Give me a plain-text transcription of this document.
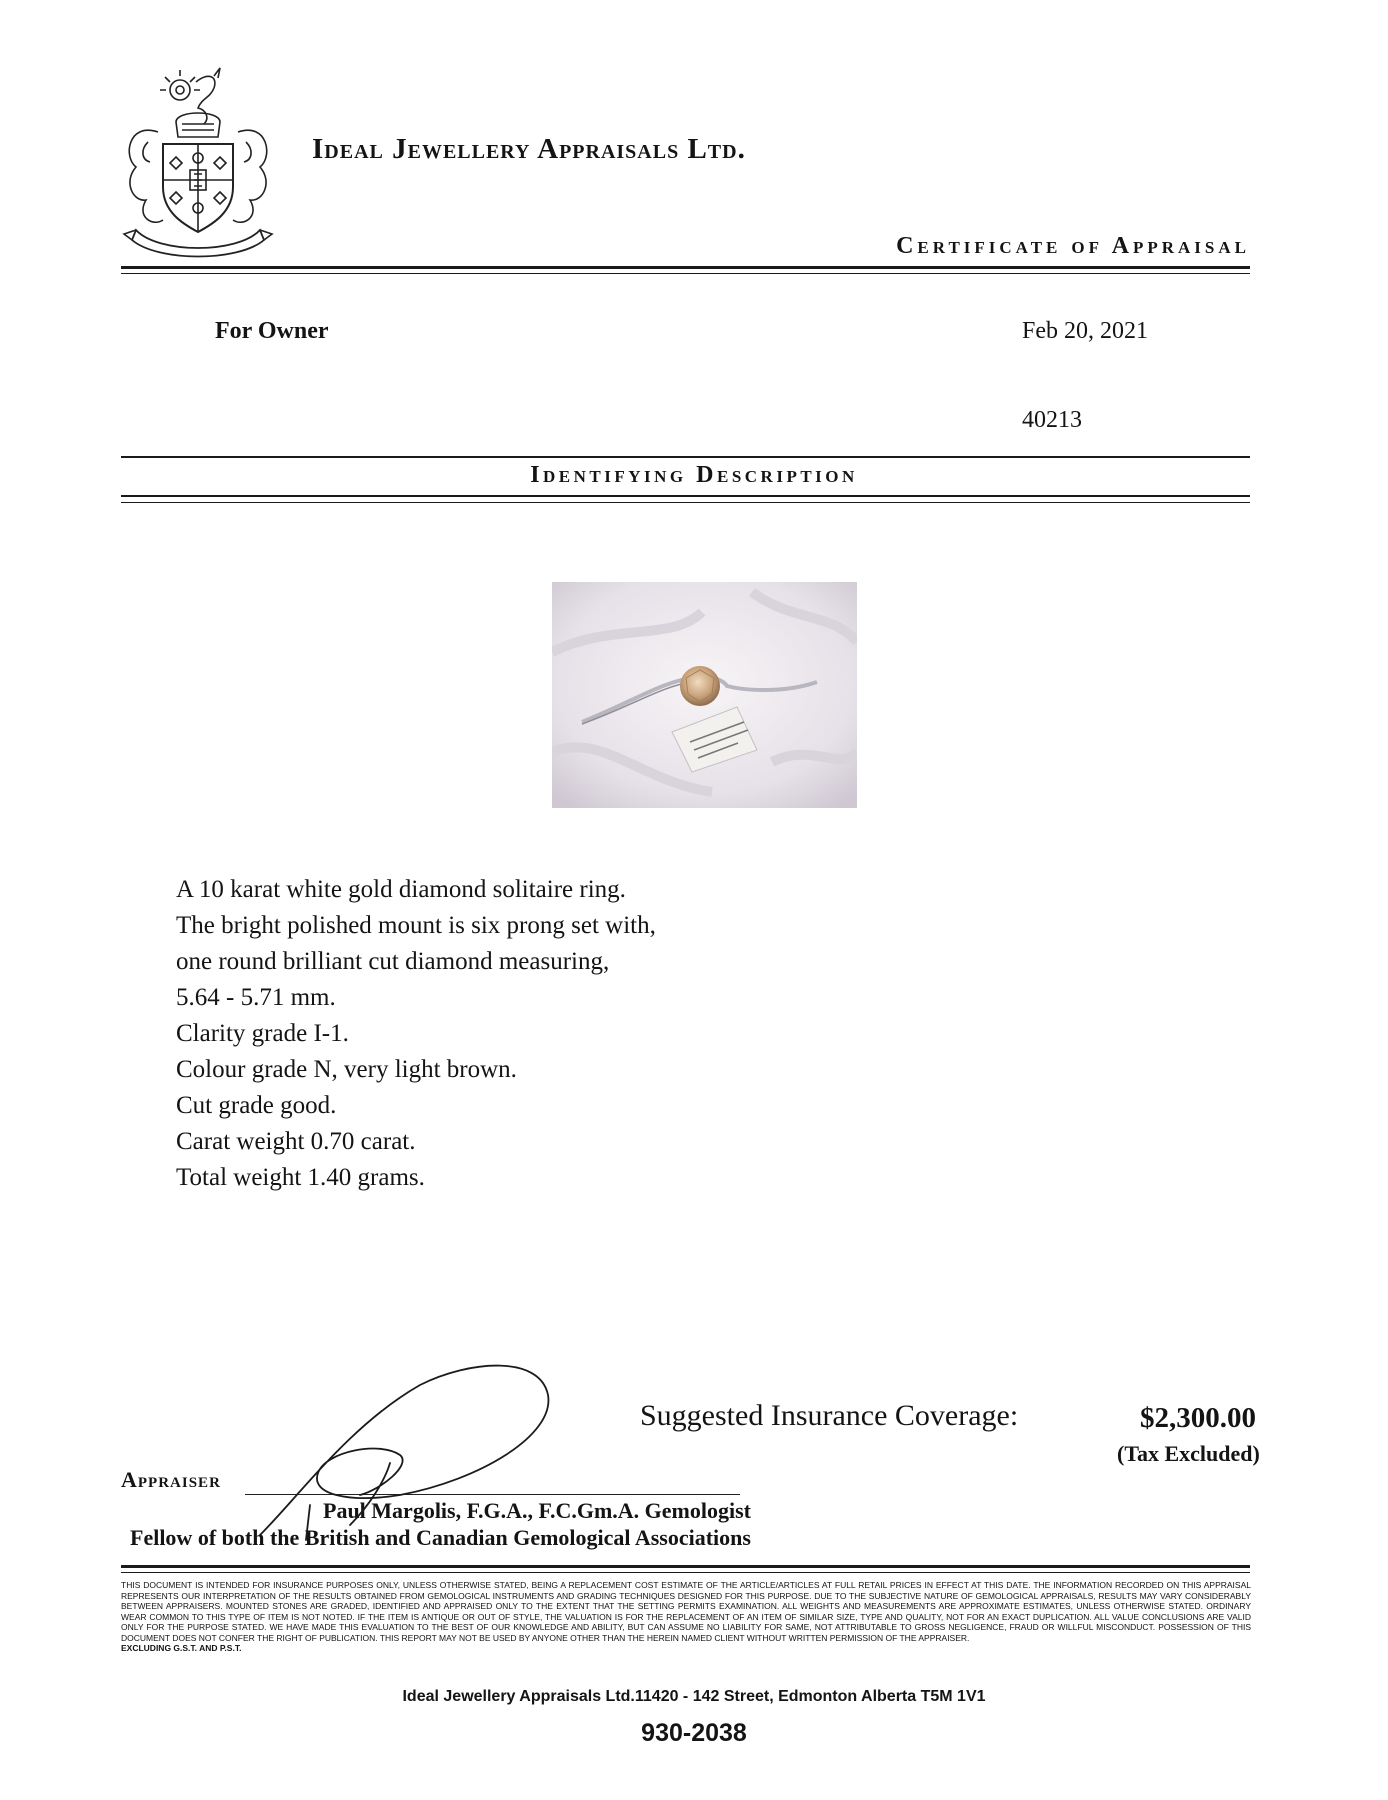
Ideal Jewellery Appraisals Ltd.
Certificate of Appraisal
For Owner	Feb 20, 2021
40213
Identifying Description
A 10 karat white gold diamond solitaire ring.
The bright polished mount is six prong set with,
one round brilliant cut diamond measuring,
5.64 - 5.71 mm.
Clarity grade I-1.
Colour grade N, very light brown.
Cut grade good.
Carat weight 0.70 carat.
Total weight 1.40 grams.
Suggested Insurance Coverage:	$2,300.00
(Tax Excluded)
Appraiser
Paul Margolis, F.G.A., F.C.Gm.A. Gemologist
Fellow of both the British and Canadian Gemological Associations
THIS DOCUMENT IS INTENDED FOR INSURANCE PURPOSES ONLY, UNLESS OTHERWISE STATED, BEING A REPLACEMENT COST ESTIMATE OF THE ARTICLE/ARTICLES AT FULL RETAIL PRICES IN EFFECT AT THIS DATE. THE INFORMATION RECORDED ON THIS APPRAISAL REPRESENTS OUR INTERPRETATION OF THE RESULTS OBTAINED FROM GEMOLOGICAL INSTRUMENTS AND GRADING TECHNIQUES DESIGNED FOR THIS PURPOSE. DUE TO THE SUBJECTIVE NATURE OF GEMOLOGICAL APPRAISALS, RESULTS MAY VARY CONSIDERABLY BETWEEN APPRAISERS. MOUNTED STONES ARE GRADED, IDENTIFIED AND APPRAISED ONLY TO THE EXTENT THAT THE SETTING PERMITS EXAMINATION. ALL WEIGHTS AND MEASUREMENTS ARE APPROXIMATE ESTIMATES, UNLESS OTHERWISE STATED. ORDINARY WEAR COMMON TO THIS TYPE OF ITEM IS NOT NOTED. IF THE ITEM IS ANTIQUE OR OUT OF STYLE, THE VALUATION IS FOR THE REPLACEMENT OF AN ITEM OF SIMILAR SIZE, TYPE AND QUALITY, NOT FOR AN EXACT DUPLICATION. ALL VALUE CONCLUSIONS ARE VALID ONLY FOR THE PURPOSE STATED. WE HAVE MADE THIS EVALUATION TO THE BEST OF OUR KNOWLEDGE AND ABILITY, BUT CAN ASSUME NO LIABILITY FOR SAME, NOT ATTRIBUTABLE TO GROSS NEGLIGENCE, FRAUD OR WILLFUL MISCONDUCT. POSSESSION OF THIS DOCUMENT DOES NOT CONFER THE RIGHT OF PUBLICATION. THIS REPORT MAY NOT BE USED BY ANYONE OTHER THAN THE HEREIN NAMED CLIENT WITHOUT WRITTEN PERMISSION OF THE APPRAISER.
EXCLUDING G.S.T. AND P.S.T.
Ideal Jewellery Appraisals Ltd.11420 - 142 Street, Edmonton Alberta T5M 1V1
930-2038
